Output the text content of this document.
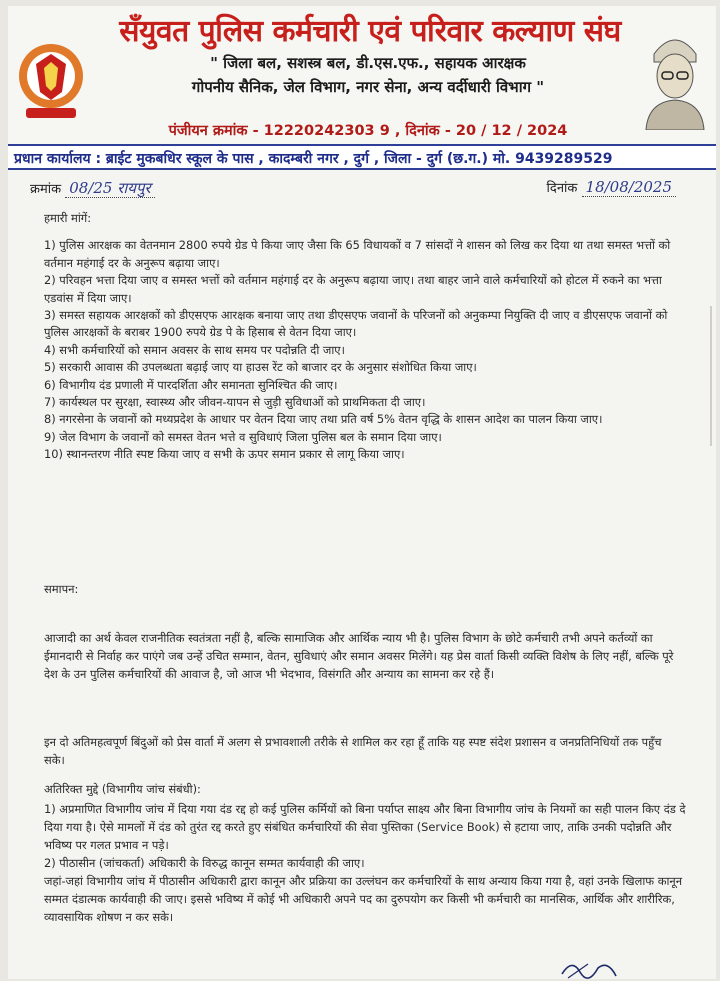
सँयुवत पुलिस कर्मचारी एवं परिवार कल्याण संघ
" जिला बल, सशस्त्र बल, डी.एस.एफ., सहायक आरक्षक
गोपनीय सैनिक, जेल विभाग, नगर सेना, अन्य वर्दीधारी विभाग "
पंजीयन क्रमांक - 12220242303 9 , दिनांक - 20 / 12 / 2024
प्रधान कार्यालय : ब्राईट मुकबधिर स्कूल के पास , कादम्बरी नगर , दुर्ग , जिला - दुर्ग (छ.ग.) मो. 9439289529
क्रमांक 08/25 रायपुर	दिनांक 18/08/2025

हमारी मांगें:

1) पुलिस आरक्षक का वेतनमान 2800 रुपये ग्रेड पे किया जाए जैसा कि 65 विधायकों व 7 सांसदों ने शासन को लिख कर दिया था तथा समस्त भत्तों को वर्तमान महंगाई दर के अनुरूप बढ़ाया जाए।

2) परिवहन भत्ता दिया जाए व समस्त भत्तों को वर्तमान महंगाई दर के अनुरूप बढ़ाया जाए। तथा बाहर जाने वाले कर्मचारियों को होटल में रुकने का भत्ता एडवांस में दिया जाए।

3) समस्त सहायक आरक्षकों को डीएसएफ आरक्षक बनाया जाए तथा डीएसएफ जवानों के परिजनों को अनुकम्पा नियुक्ति दी जाए व डीएसएफ जवानों को पुलिस आरक्षकों के बराबर 1900 रुपये ग्रेड पे के हिसाब से वेतन दिया जाए।

4) सभी कर्मचारियों को समान अवसर के साथ समय पर पदोन्नति दी जाए।

5) सरकारी आवास की उपलब्धता बढ़ाई जाए या हाउस रेंट को बाजार दर के अनुसार संशोधित किया जाए।

6) विभागीय दंड प्रणाली में पारदर्शिता और समानता सुनिश्चित की जाए।

7) कार्यस्थल पर सुरक्षा, स्वास्थ्य और जीवन-यापन से जुड़ी सुविधाओं को प्राथमिकता दी जाए।

8) नगरसेना के जवानों को मध्यप्रदेश के आधार पर वेतन दिया जाए तथा प्रति वर्ष 5% वेतन वृद्धि के शासन आदेश का पालन किया जाए।

9) जेल विभाग के जवानों को समस्त वेतन भत्ते व सुविधाएं जिला पुलिस बल के समान दिया जाए।

10) स्थानन्तरण नीति स्पष्ट किया जाए व सभी के ऊपर समान प्रकार से लागू किया जाए।

समापन:

आजादी का अर्थ केवल राजनीतिक स्वतंत्रता नहीं है, बल्कि सामाजिक और आर्थिक न्याय भी है। पुलिस विभाग के छोटे कर्मचारी तभी अपने कर्तव्यों का ईमानदारी से निर्वाह कर पाएंगे जब उन्हें उचित सम्मान, वेतन, सुविधाएं और समान अवसर मिलेंगे। यह प्रेस वार्ता किसी व्यक्ति विशेष के लिए नहीं, बल्कि पूरे देश के उन पुलिस कर्मचारियों की आवाज है, जो आज भी भेदभाव, विसंगति और अन्याय का सामना कर रहे हैं।

इन दो अतिमहत्वपूर्ण बिंदुओं को प्रेस वार्ता में अलग से प्रभावशाली तरीके से शामिल कर रहा हूँ ताकि यह स्पष्ट संदेश प्रशासन व जनप्रतिनिधियों तक पहुँच सके।

अतिरिक्त मुद्दे (विभागीय जांच संबंधी):

1) अप्रमाणित विभागीय जांच में दिया गया दंड रद्द हो कई पुलिस कर्मियों को बिना पर्याप्त साक्ष्य और बिना विभागीय जांच के नियमों का सही पालन किए दंड दे दिया गया है। ऐसे मामलों में दंड को तुरंत रद्द करते हुए संबंधित कर्मचारियों की सेवा पुस्तिका (Service Book) से हटाया जाए, ताकि उनकी पदोन्नति और भविष्य पर गलत प्रभाव न पड़े।

2) पीठासीन (जांचकर्ता) अधिकारी के विरुद्ध कानून सम्मत कार्यवाही की जाए।

जहां-जहां विभागीय जांच में पीठासीन अधिकारी द्वारा कानून और प्रक्रिया का उल्लंघन कर कर्मचारियों के साथ अन्याय किया गया है, वहां उनके खिलाफ कानून सम्मत दंडात्मक कार्यवाही की जाए। इससे भविष्य में कोई भी अधिकारी अपने पद का दुरुपयोग कर किसी भी कर्मचारी का मानसिक, आर्थिक और शारीरिक, व्यावसायिक शोषण न कर सके।
